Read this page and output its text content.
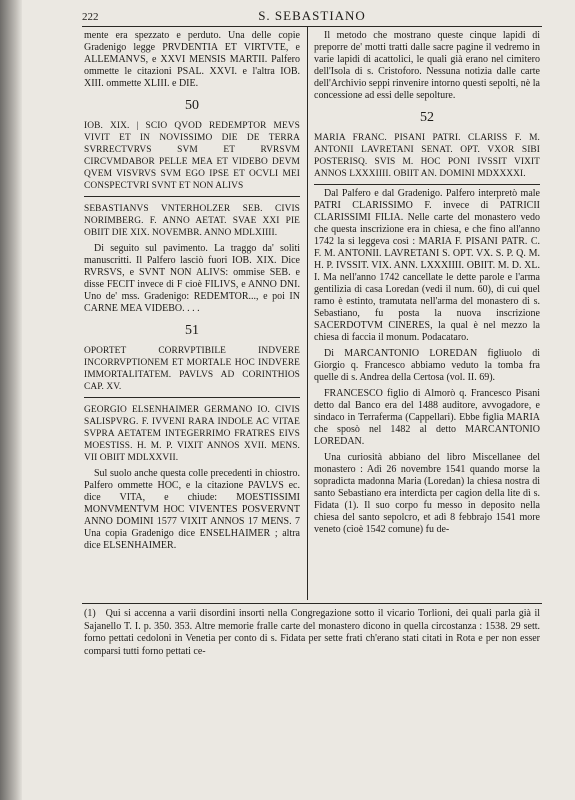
222	S. SEBASTIANO

mente era spezzato e perduto. Una delle copie Gradenigo legge PRVDENTIA ET VIRTVTE, e ALLEMANVS, e XXVI MENSIS MARTII. Palfero ommette le citazioni PSAL. XXVI. e l'altra IOB. XIII. ommette XLIII. e DIE.

50
IOB. XIX. | SCIO QVOD REDEMPTOR MEVS VIVIT ET IN NOVISSIMO DIE DE TERRA SVRRECTVRVS SVM ET RVRSVM CIRCVMDABOR PELLE MEA ET VIDEBO DEVM QVEM VISVRVS SVM EGO IPSE ET OCVLI MEI CONSPECTVRI SVNT ET NON ALIVS
SEBASTIANVS VNTERHOLZER SEB. CIVIS NORIMBERG. F. ANNO AETAT. SVAE XXI PIE OBIIT DIE XIX. NOVEMBR. ANNO MDLXIIII.

Di seguito sul pavimento. La traggo da' soliti manuscritti. Il Palfero lasciò fuori IOB. XIX. Dice RVRSVS, e SVNT NON ALIVS: ommise SEB. e disse FECIT invece di F cioè FILIVS, e ANNO DNI. Uno de' mss. Gradenigo: REDEMTOR..., e poi IN CARNE MEA VIDEBO. . . .

51
OPORTET CORRVPTIBILE INDVERE INCORRVPTIONEM ET MORTALE HOC INDVERE IMMORTALITATEM. PAVLVS AD CORINTHIOS CAP. XV.
GEORGIO ELSENHAIMER GERMANO IO. CIVIS SALISPVRG. F. IVVENI RARA INDOLE AC VITAE SVPRA AETATEM INTEGERRIMO FRATRES EIVS MOESTISS. H. M. P. VIXIT ANNOS XVII. MENS. VII OBIIT MDLXXVII.

Sul suolo anche questa colle precedenti in chiostro. Palfero ommette HOC, e la citazione PAVLVS ec. dice VITA, e chiude: MOESTISSIMI MONVMENTVM HOC VIVENTES POSVERVNT ANNO DOMINI 1577 VIXIT ANNOS 17 MENS. 7 Una copia Gradenigo dice ENSELHAIMER ; altra dice ELSENHAIMER.

Il metodo che mostrano queste cinque lapidi di preporre de' motti tratti dalle sacre pagine il vedremo in varie lapidi di acattolici, le quali già erano nel cimitero dell'Isola di s. Cristoforo. Nessuna notizia dalle carte dell'Archivio seppi rinvenire intorno questi sepolti, nè la concessione ad essi delle sepolture.

52
MARIA FRANC. PISANI PATRI. CLARISS F. M. ANTONII LAVRETANI SENAT. OPT. VXOR SIBI POSTERISQ. SVIS M. HOC PONI IVSSIT VIXIT ANNOS LXXXIIII. OBIIT AN. DOMINI MDXXXXI.

Dal Palfero e dal Gradenigo. Palfero interpretò male PATRI CLARISSIMO F. invece di PATRICII CLARISSIMI FILIA. Nelle carte del monastero vedo che questa inscrizione era in chiesa, e che fino all'anno 1742 la si leggeva così : MARIA F. PISANI PATR. C. F. M. ANTONII. LAVRETANI S. OPT. VX. S. P. Q. M. H. P. IVSSIT. VIX. ANN. LXXXIIII. OBIIT. M. D. XL. I. Ma nell'anno 1742 cancellate le dette parole e l'arma gentilizia di casa Loredan (vedi il num. 60), di cui quel ramo è estinto, tramutata nell'arma del monastero di s. Sebastiano, fu posta la nuova inscrizione SACERDOTVM CINERES, la qual è nel mezzo la chiesa di faccia il monum. Podacataro.

Di MARCANTONIO LOREDAN figliuolo di Giorgio q. Francesco abbiamo veduto la tomba fra quelle di s. Andrea della Certosa (vol. II. 69).

FRANCESCO figlio di Almorò q. Francesco Pisani detto dal Banco era del 1488 auditore, avvogadore, e sindaco in Terraferma (Cappellari). Ebbe figlia MARIA che sposò nel 1482 al detto MARCANTONIO LOREDAN.

Una curiosità abbiano del libro Miscellanee del monastero : Adì 26 novembre 1541 quando morse la sopradicta madonna Maria (Loredan) la chiesa nostra di santo Sebastiano era interdicta per cagion della lite di s. Fidata (1). Il suo corpo fu messo in deposito nella chiesa del santo sepolcro, et adì 8 febbrajo 1541 more veneto (cioè 1542 comune) fu de-

(1) Qui si accenna a varii disordini insorti nella Congregazione sotto il vicario Torlioni, dei quali parla già il Sajanello T. I. p. 350. 353. Altre memorie fralle carte del monastero dicono in quella circostanza : 1538. 29 sett. forno pettati cedoloni in Venetia per conto di s. Fidata per sette frati ch'erano stati citati in Rota e per non esser comparsi tutti forno pettati ce-
